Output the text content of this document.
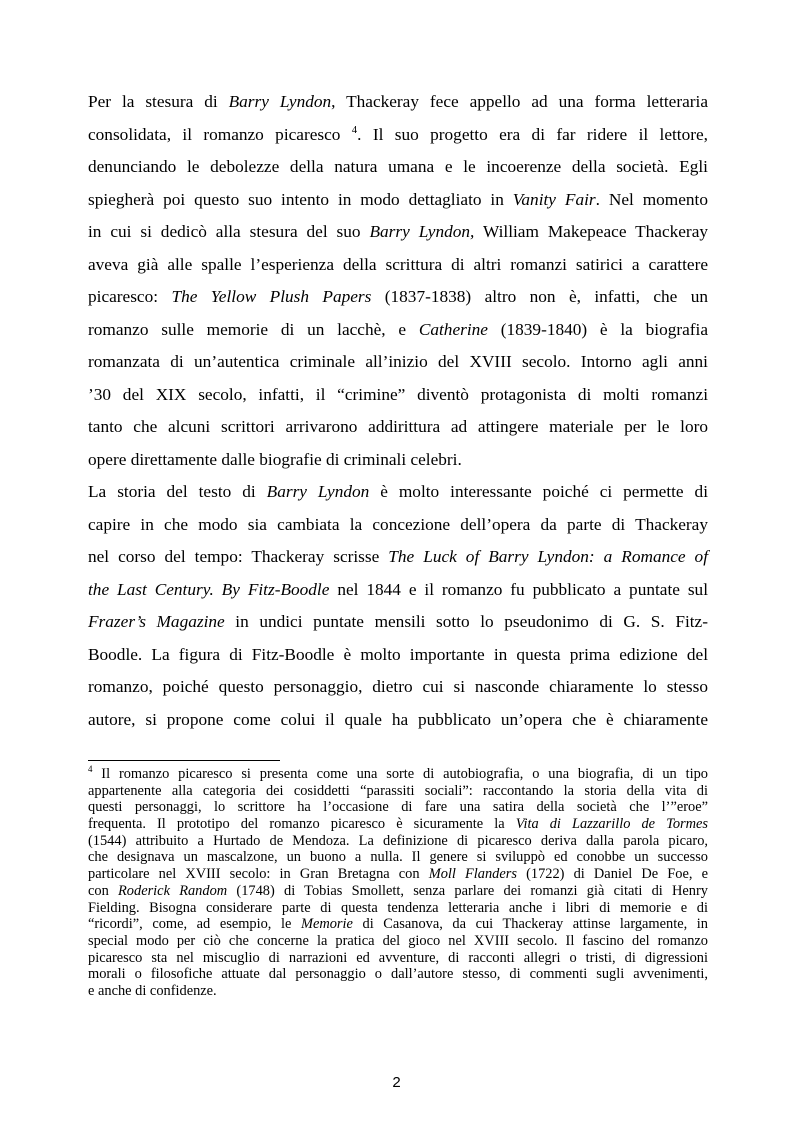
Per la stesura di Barry Lyndon, Thackeray fece appello ad una forma letteraria
consolidata, il romanzo picaresco $^4$. Il suo progetto era di far ridere il lettore,
denunciando le debolezze della natura umana e le incoerenze della società. Egli
spiegherà poi questo suo intento in modo dettagliato in Vanity Fair. Nel momento
in cui si dedicò alla stesura del suo Barry Lyndon, William Makepeace Thackeray
aveva già alle spalle l’esperienza della scrittura di altri romanzi satirici a carattere
picaresco: The Yellow Plush Papers (1837-1838) altro non è, infatti, che un
romanzo sulle memorie di un lacchè, e Catherine (1839-1840) è la biografia
romanzata di un’autentica criminale all’inizio del XVIII secolo. Intorno agli anni
’30 del XIX secolo, infatti, il “crimine” diventò protagonista di molti romanzi
tanto che alcuni scrittori arrivarono addirittura ad attingere materiale per le loro
opere direttamente dalle biografie di criminali celebri.
La storia del testo di Barry Lyndon è molto interessante poiché ci permette di
capire in che modo sia cambiata la concezione dell’opera da parte di Thackeray
nel corso del tempo: Thackeray scrisse The Luck of Barry Lyndon: a Romance of
the Last Century. By Fitz-Boodle nel 1844 e il romanzo fu pubblicato a puntate sul
Frazer’s Magazine in undici puntate mensili sotto lo pseudonimo di G. S. Fitz-
Boodle. La figura di Fitz-Boodle è molto importante in questa prima edizione del
romanzo, poiché questo personaggio, dietro cui si nasconde chiaramente lo stesso
autore, si propone come colui il quale ha pubblicato un’opera che è chiaramente
$^4$ Il romanzo picaresco si presenta come una sorte di autobiografia, o una biografia, di un tipo
appartenente alla categoria dei cosiddetti “parassiti sociali”: raccontando la storia della vita di
questi personaggi, lo scrittore ha l’occasione di fare una satira della società che l’”eroe”
frequenta. Il prototipo del romanzo picaresco è sicuramente la Vita di Lazzarillo de Tormes
(1544) attribuito a Hurtado de Mendoza. La definizione di picaresco deriva dalla parola picaro,
che designava un mascalzone, un buono a nulla. Il genere si sviluppò ed conobbe un successo
particolare nel XVIII secolo: in Gran Bretagna con Moll Flanders (1722) di Daniel De Foe, e
con Roderick Random (1748) di Tobias Smollett, senza parlare dei romanzi già citati di Henry
Fielding. Bisogna considerare parte di questa tendenza letteraria anche i libri di memorie e di
“ricordi”, come, ad esempio, le Memorie di Casanova, da cui Thackeray attinse largamente, in
special modo per ciò che concerne la pratica del gioco nel XVIII secolo. Il fascino del romanzo
picaresco sta nel miscuglio di narrazioni ed avventure, di racconti allegri o tristi, di digressioni
morali o filosofiche attuate dal personaggio o dall’autore stesso, di commenti sugli avvenimenti,
e anche di confidenze.
2
